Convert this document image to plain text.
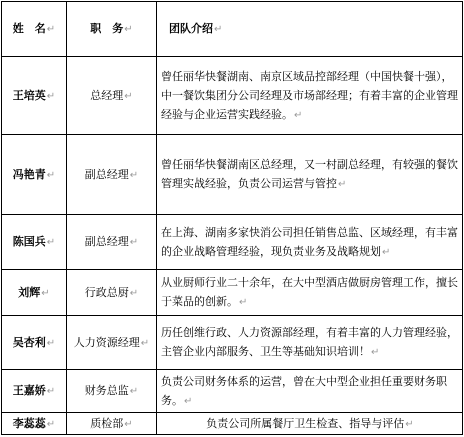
姓　名↵	职　务↵	团队介绍↵
王培英↵	总经理↵	曾任丽华快餐湖南、南京区域品控部经理（中国快餐十强），中一餐饮集团分公司经理及市场部经理；有着丰富的企业管理经验与企业运营实践经验。↵
冯艳青↵	副总经理↵	曾任丽华快餐湖南区总经理，又一村副总经理，有较强的餐饮管理实战经验，负责公司运营与管控↵
陈国兵↵	副总经理↵	在上海、湖南多家快消公司担任销售总监、区域经理，有丰富的企业战略管理经验，现负责业务及战略规划↵
刘辉↵	行政总厨↵	从业厨师行业二十余年，在大中型酒店做厨房管理工作，擅长于菜品的创新。↵
吴杏利↵	人力资源经理↵	历任创维行政、人力资源部经理，有着丰富的人力管理经验，主管企业内部服务、卫生等基础知识培训！↵
王嘉娇↵	财务总监↵	负责公司财务体系的运营，曾在大中型企业担任重要财务职务。↵
李蕊蕊↵	质检部↵	负责公司所属餐厅卫生检查、指导与评估↵
